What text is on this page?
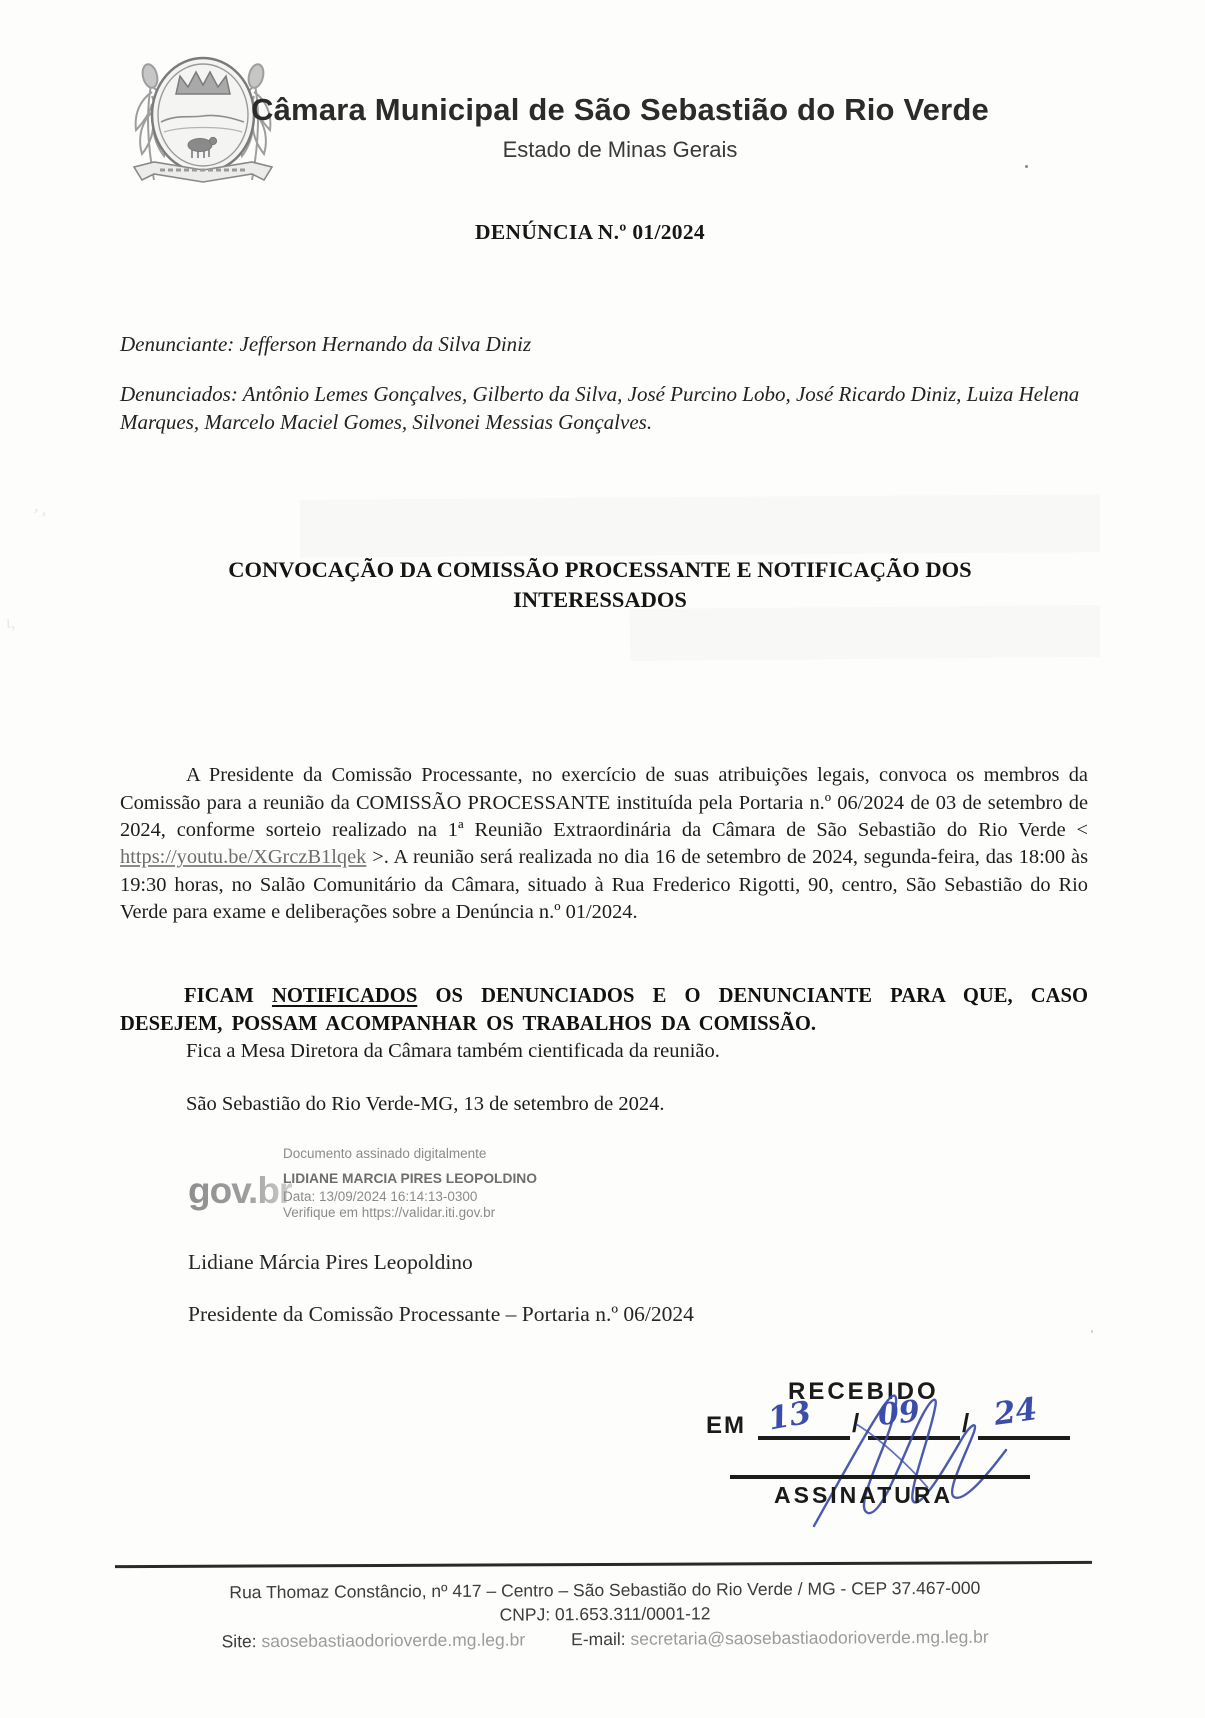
᾽᾽
ι,
Câmara Municipal de São Sebastião do Rio Verde
Estado de Minas Gerais
DENÚNCIA N.º 01/2024
Denunciante: Jefferson Hernando da Silva Diniz
Denunciados: Antônio Lemes Gonçalves, Gilberto da Silva, José Purcino Lobo, José Ricardo Diniz, Luiza Helena Marques, Marcelo Maciel Gomes, Silvonei Messias Gonçalves.
CONVOCAÇÃO DA COMISSÃO PROCESSANTE E NOTIFICAÇÃO DOS INTERESSADOS

A Presidente da Comissão Processante, no exercício de suas atribuições legais, convoca os membros da Comissão para a reunião da COMISSÃO PROCESSANTE instituída pela Portaria n.º 06/2024 de 03 de setembro de 2024, conforme sorteio realizado na 1ª Reunião Extraordinária da Câmara de São Sebastião do Rio Verde < https://youtu.be/XGrczB1lqek >. A reunião será realizada no dia 16 de setembro de 2024, segunda-feira, das 18:00 às 19:30 horas, no Salão Comunitário da Câmara, situado à Rua Frederico Rigotti, 90, centro, São Sebastião do Rio Verde para exame e deliberações sobre a Denúncia n.º 01/2024.

FICAM NOTIFICADOS OS DENUNCIADOS E O DENUNCIANTE PARA QUE, CASO DESEJEM, POSSAM ACOMPANHAR OS TRABALHOS DA COMISSÃO.

Fica a Mesa Diretora da Câmara também cientificada da reunião.
São Sebastião do Rio Verde-MG, 13 de setembro de 2024.
gov.br
Documento assinado digitalmente
LIDIANE MARCIA PIRES LEOPOLDINO
Data: 13/09/2024 16:14:13-0300
Verifique em https://validar.iti.gov.br
Lidiane Márcia Pires Leopoldino
Presidente da Comissão Processante – Portaria n.º 06/2024
RECEBIDO
EM	/	/
13 09 24
ASSINATURA
Rua Thomaz Constâncio, nº 417 – Centro – São Sebastião do Rio Verde / MG - CEP 37.467-000
CNPJ: 01.653.311/0001-12
Site: saosebastiaodorioverde.mg.leg.br	E-mail: secretaria@saosebastiaodorioverde.mg.leg.br
